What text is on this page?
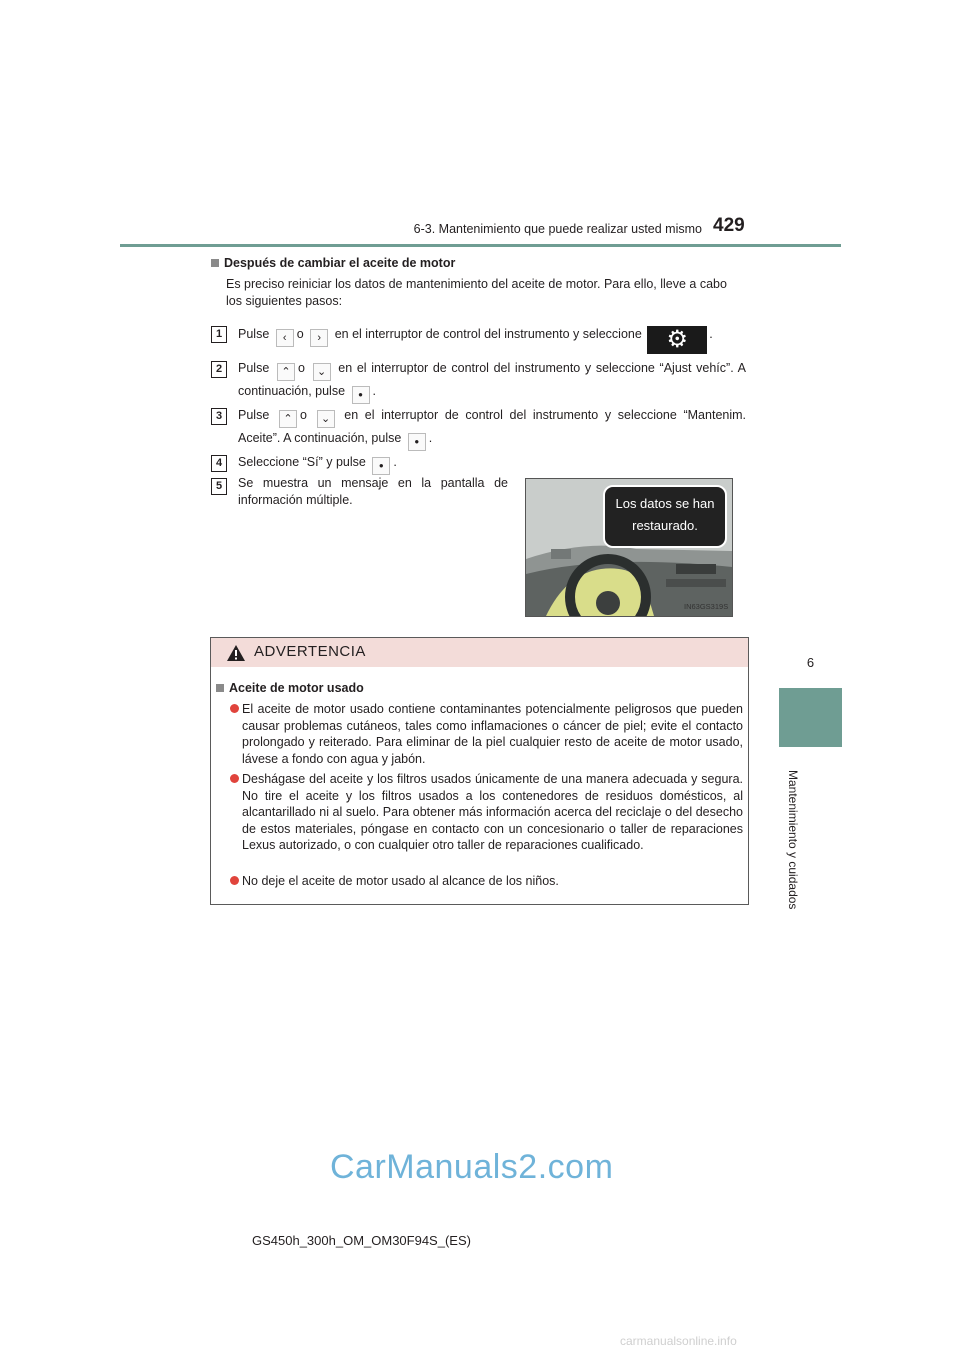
6-3. Mantenimiento que puede realizar usted mismo 429
6
Mantenimiento y cuidados
Después de cambiar el aceite de motor
Es preciso reiniciar los datos de mantenimiento del aceite de motor. Para ello, lleve a cabo los siguientes pasos:
1	Pulse ‹ o › en el interruptor de control del instrumento y seleccione ⚙ .
2	Pulse ⌃ o ⌄ en el interruptor de control del instrumento y seleccione “Ajust vehíc”. A continuación, pulse ● .
3	Pulse ⌃ o ⌄ en el interruptor de control del instrumento y seleccione “Mantenim. Aceite”. A continuación, pulse ● .
4	Seleccione “Sí” y pulse ● .
5	Se muestra un mensaje en la pantalla de información múltiple.	Los datos se han
restaurado.
IN63GS319S
ADVERTENCIA
Aceite de motor usado
El aceite de motor usado contiene contaminantes potencialmente peligrosos que pueden causar problemas cutáneos, tales como inflamaciones o cáncer de piel; evite el contacto prolongado y reiterado. Para eliminar de la piel cualquier resto de aceite de motor usado, lávese a fondo con agua y jabón.
Deshágase del aceite y los filtros usados únicamente de una manera adecuada y segura. No tire el aceite y los filtros usados a los contenedores de residuos domésticos, al alcantarillado ni al suelo. Para obtener más información acerca del reciclaje o del desecho de estos materiales, póngase en contacto con un concesionario o taller de reparaciones Lexus autorizado, o con cualquier otro taller de reparaciones cualificado.
No deje el aceite de motor usado al alcance de los niños.
CarManuals2.com
GS450h_300h_OM_OM30F94S_(ES)
carmanualsonline.info
